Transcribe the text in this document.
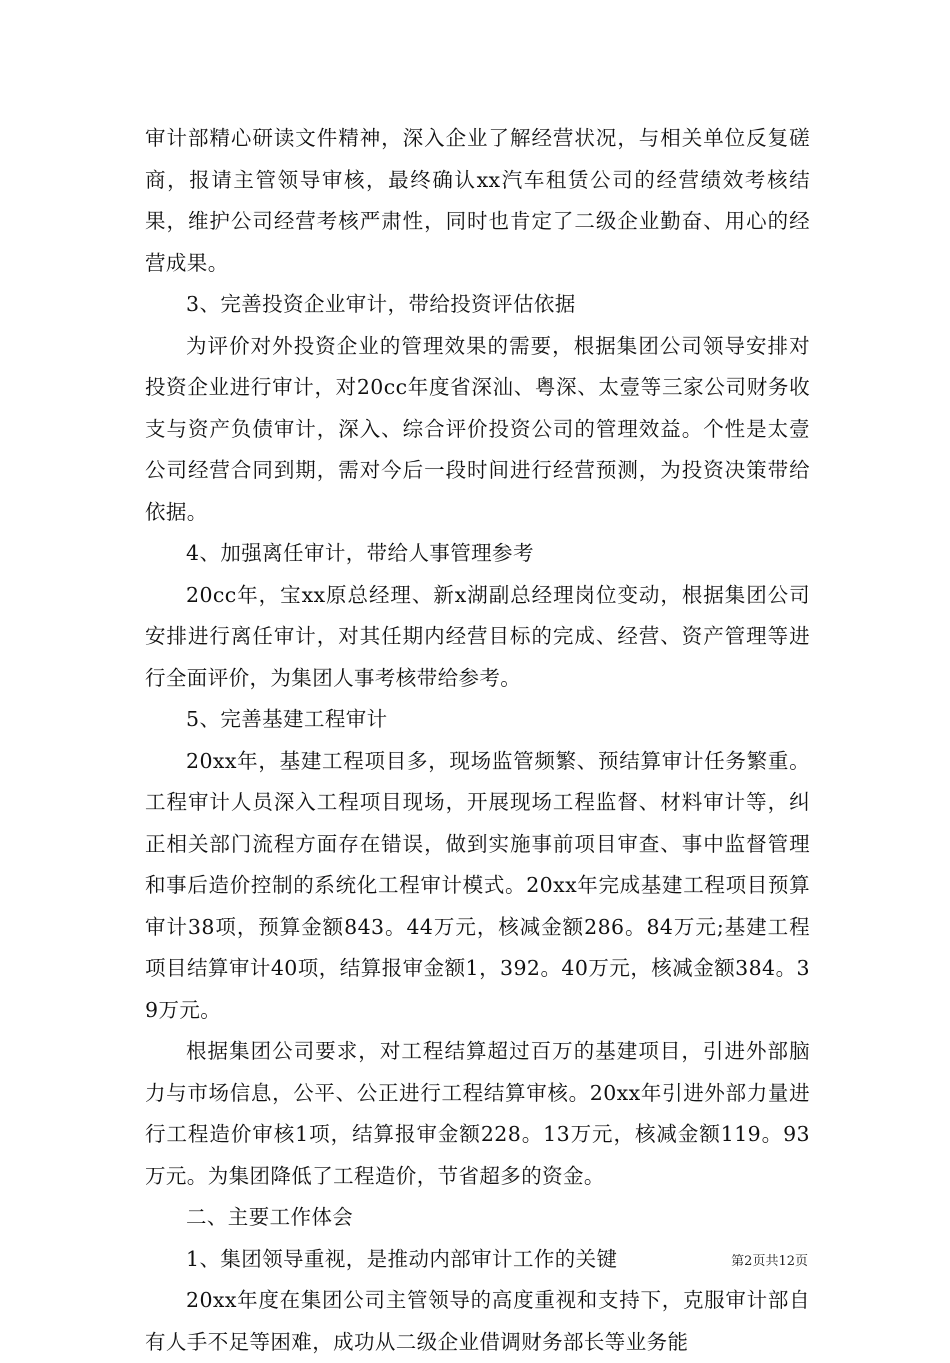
审计部精心研读文件精神，深入企业了解经营状况，与相关单位反复磋商，报请主管领导审核，最终确认xx汽车租赁公司的经营绩效考核结果，维护公司经营考核严肃性，同时也肯定了二级企业勤奋、用心的经营成果。

3、完善投资企业审计，带给投资评估依据

为评价对外投资企业的管理效果的需要，根据集团公司领导安排对投资企业进行审计，对20cc年度省深汕、粤深、太壹等三家公司财务收支与资产负债审计，深入、综合评价投资公司的管理效益。个性是太壹公司经营合同到期，需对今后一段时间进行经营预测，为投资决策带给依据。

4、加强离任审计，带给人事管理参考

20cc年，宝xx原总经理、新x湖副总经理岗位变动，根据集团公司安排进行离任审计，对其任期内经营目标的完成、经营、资产管理等进行全面评价，为集团人事考核带给参考。

5、完善基建工程审计

20xx年，基建工程项目多，现场监管频繁、预结算审计任务繁重。工程审计人员深入工程项目现场，开展现场工程监督、材料审计等，纠正相关部门流程方面存在错误，做到实施事前项目审查、事中监督管理和事后造价控制的系统化工程审计模式。20xx年完成基建工程项目预算审计38项，预算金额843。44万元，核减金额286。84万元;基建工程项目结算审计40项，结算报审金额1，392。40万元，核减金额384。39万元。

根据集团公司要求，对工程结算超过百万的基建项目，引进外部脑力与市场信息，公平、公正进行工程结算审核。20xx年引进外部力量进行工程造价审核1项，结算报审金额228。13万元，核减金额119。93万元。为集团降低了工程造价，节省超多的资金。

二、主要工作体会

1、集团领导重视，是推动内部审计工作的关键

20xx年度在集团公司主管领导的高度重视和支持下，克服审计部自有人手不足等困难，成功从二级企业借调财务部长等业务能

第2页共12页
